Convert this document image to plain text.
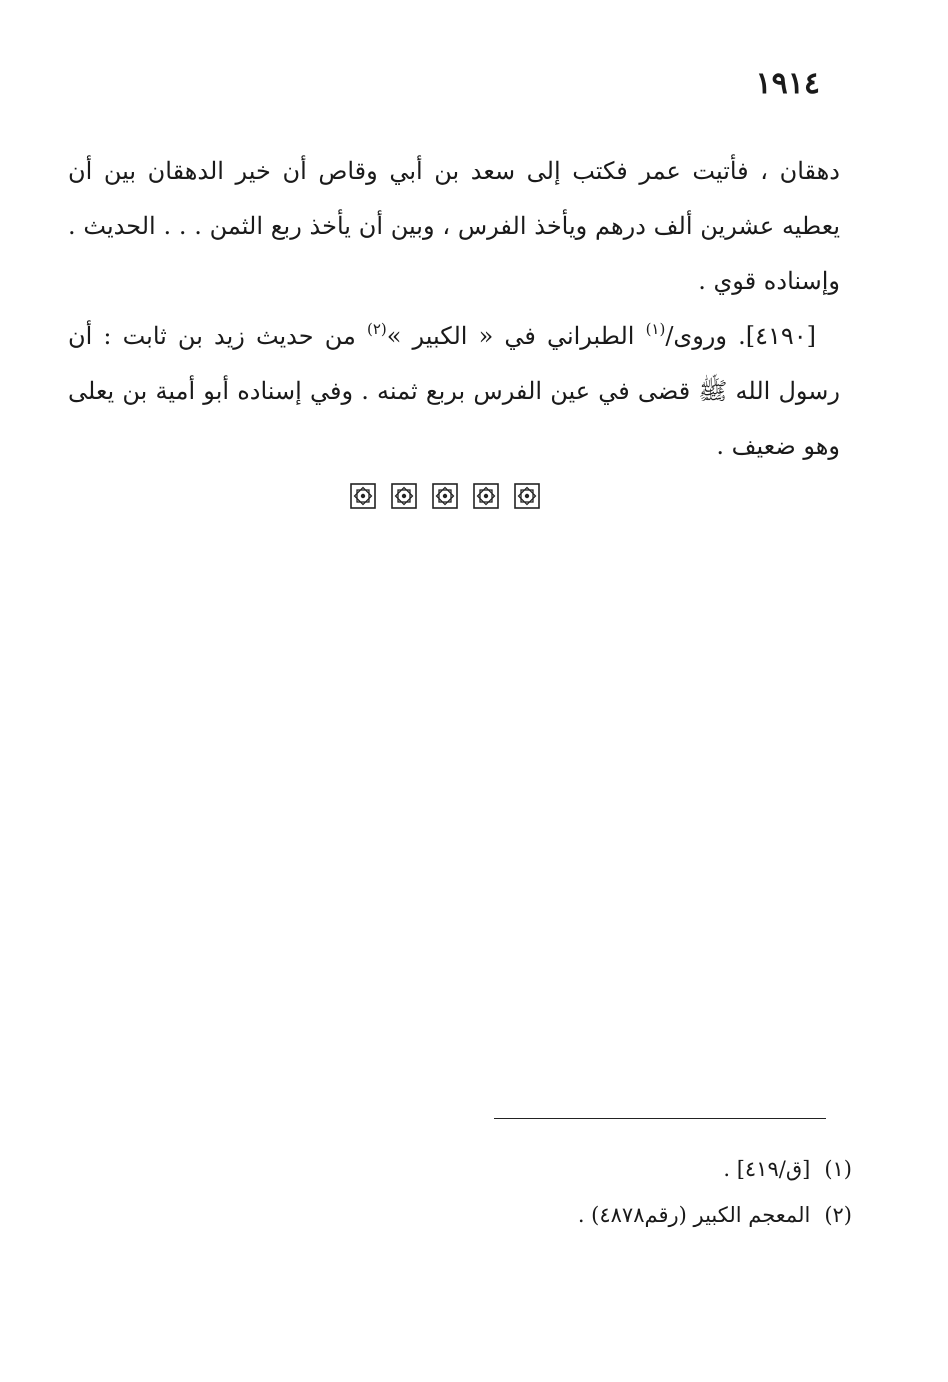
١٩١٤

دهقان ، فأتيت عمر فكتب إلى سعد بن أبي وقاص أن خير الدهقان بين أن يعطيه عشرين ألف درهم ويأخذ الفرس ، وبين أن يأخذ ربع الثمن . . . الحديث . وإسناده قوي .

[٤١٩٠]. وروى/$^{(١)}$ الطبراني في « الكبير »$^{(٢)}$ من حديث زيد بن ثابت : أن رسول الله ﷺ قضى في عين الفرس بربع ثمنه . وفي إسناده أبو أمية بن يعلى وهو ضعيف .

(١)[ق/٤١٩] .

(٢)المعجم الكبير (رقم٤٨٧٨) .
